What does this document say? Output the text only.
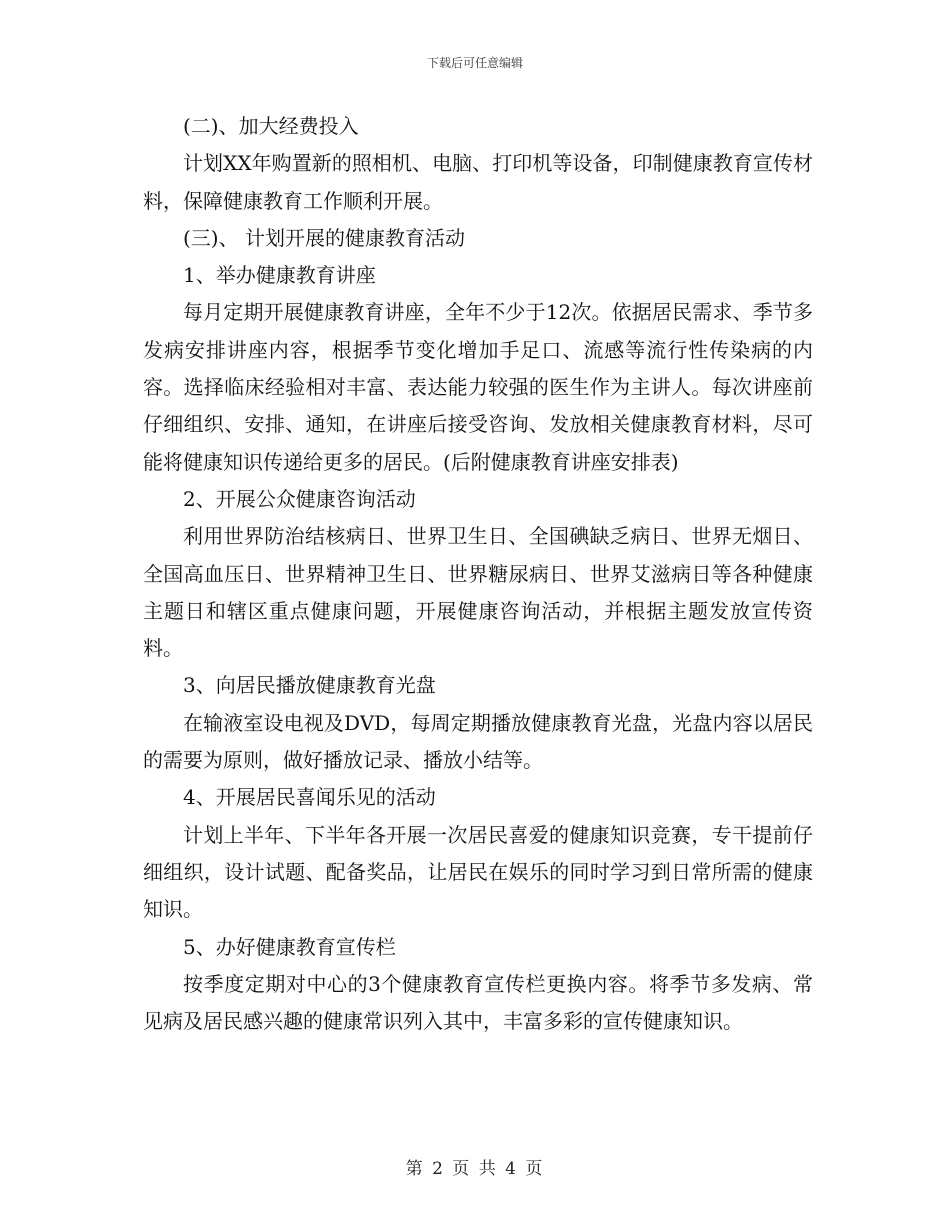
下载后可任意编辑

(二)、加大经费投入

计划XX年购置新的照相机、电脑、打印机等设备，印制健康教育宣传材料，保障健康教育工作顺利开展。

(三)、 计划开展的健康教育活动

1、举办健康教育讲座

每月定期开展健康教育讲座，全年不少于12次。依据居民需求、季节多发病安排讲座内容，根据季节变化增加手足口、流感等流行性传染病的内容。选择临床经验相对丰富、表达能力较强的医生作为主讲人。每次讲座前仔细组织、安排、通知，在讲座后接受咨询、发放相关健康教育材料，尽可能将健康知识传递给更多的居民。(后附健康教育讲座安排表)

2、开展公众健康咨询活动

利用世界防治结核病日、世界卫生日、全国碘缺乏病日、世界无烟日、全国高血压日、世界精神卫生日、世界糖尿病日、世界艾滋病日等各种健康主题日和辖区重点健康问题，开展健康咨询活动，并根据主题发放宣传资料。

3、向居民播放健康教育光盘

在输液室设电视及DVD，每周定期播放健康教育光盘，光盘内容以居民的需要为原则，做好播放记录、播放小结等。

4、开展居民喜闻乐见的活动

计划上半年、下半年各开展一次居民喜爱的健康知识竞赛，专干提前仔细组织，设计试题、配备奖品，让居民在娱乐的同时学习到日常所需的健康知识。

5、办好健康教育宣传栏

按季度定期对中心的3个健康教育宣传栏更换内容。将季节多发病、常见病及居民感兴趣的健康常识列入其中，丰富多彩的宣传健康知识。

第 2 页 共 4 页
